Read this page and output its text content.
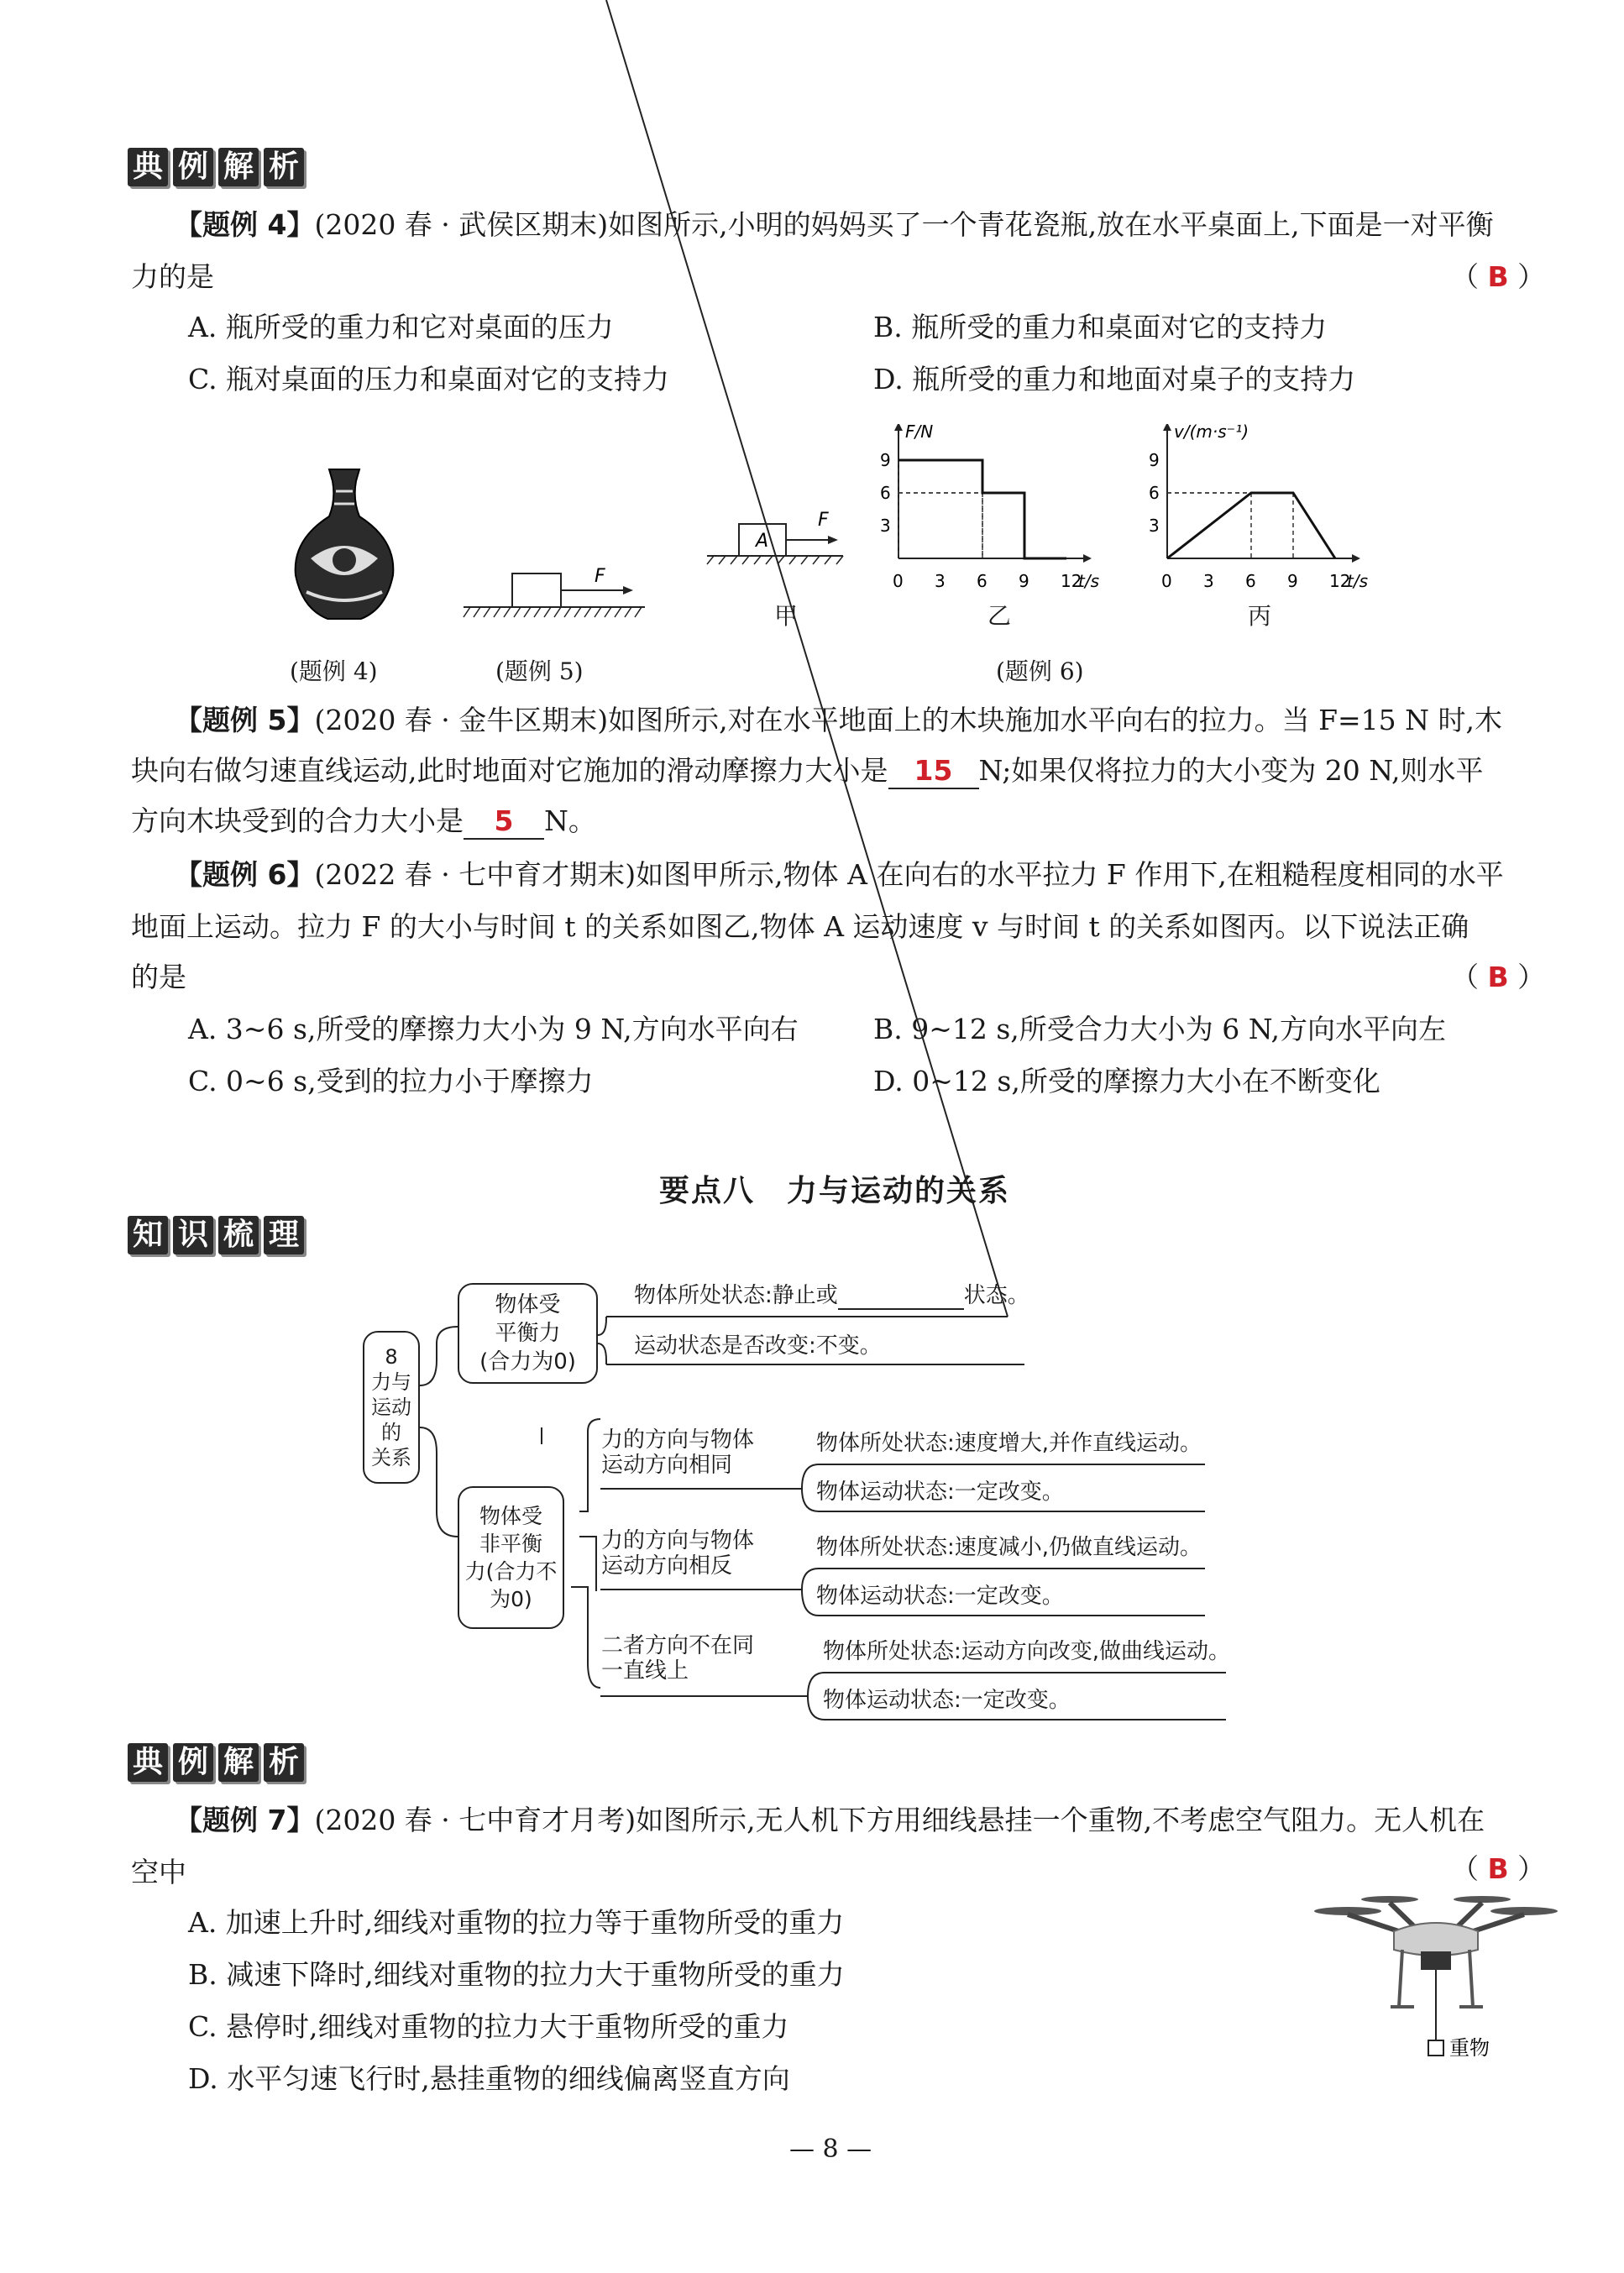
典 例 解 析
【题例 4】(2020 春 · 武侯区期末)如图所示,小明的妈妈买了一个青花瓷瓶,放在水平桌面上,下面是一对平衡
力的是	（ B ）
A. 瓶所受的重力和它对桌面的压力	B. 瓶所受的重力和桌面对它的支持力
C. 瓶对桌面的压力和桌面对它的支持力	D. 瓶所受的重力和地面对桌子的支持力
(题例 4)
F
(题例 5)
A
F
甲
F/N
t/s
0 3 6 9 12
3
6
9
乙
v/(m·s⁻¹)
t/s
0 3 6 9 12
3
6
9
丙
(题例 6)
【题例 5】(2020 春 · 金牛区期末)如图所示,对在水平地面上的木块施加水平向右的拉力。当 F=15 N 时,木
块向右做匀速直线运动,此时地面对它施加的滑动摩擦力大小是 15 N;如果仅将拉力的大小变为 20 N,则水平
方向木块受到的合力大小是 5 N。
【题例 6】(2022 春 · 七中育才期末)如图甲所示,物体 A 在向右的水平拉力 F 作用下,在粗糙程度相同的水平
地面上运动。拉力 F 的大小与时间 t 的关系如图乙,物体 A 运动速度 v 与时间 t 的关系如图丙。以下说法正确
的是	（ B ）
A. 3~6 s,所受的摩擦力大小为 9 N,方向水平向右	B. 9~12 s,所受合力大小为 6 N,方向水平向左
C. 0~6 s,受到的拉力小于摩擦力	D. 0~12 s,所受的摩擦力大小在不断变化
要点八　力与运动的关系
知 识 梳 理
8
力与
运动
的
关系
物体受
平衡力
(合力为0)
物体所处状态:静止或	状态。
运动状态是否改变:不变。
物体受
非平衡
力(合力不
为0)
力的方向与物体
运动方向相同
物体所处状态:速度增大,并作直线运动。
物体运动状态:一定改变。
力的方向与物体
运动方向相反
物体所处状态:速度减小,仍做直线运动。
物体运动状态:一定改变。
二者方向不在同
一直线上
物体所处状态:运动方向改变,做曲线运动。
物体运动状态:一定改变。
典 例 解 析
【题例 7】(2020 春 · 七中育才月考)如图所示,无人机下方用细线悬挂一个重物,不考虑空气阻力。无人机在
空中	（ B ）
A. 加速上升时,细线对重物的拉力等于重物所受的重力
B. 减速下降时,细线对重物的拉力大于重物所受的重力
C. 悬停时,细线对重物的拉力大于重物所受的重力
D. 水平匀速飞行时,悬挂重物的细线偏离竖直方向
重物
— 8 —
